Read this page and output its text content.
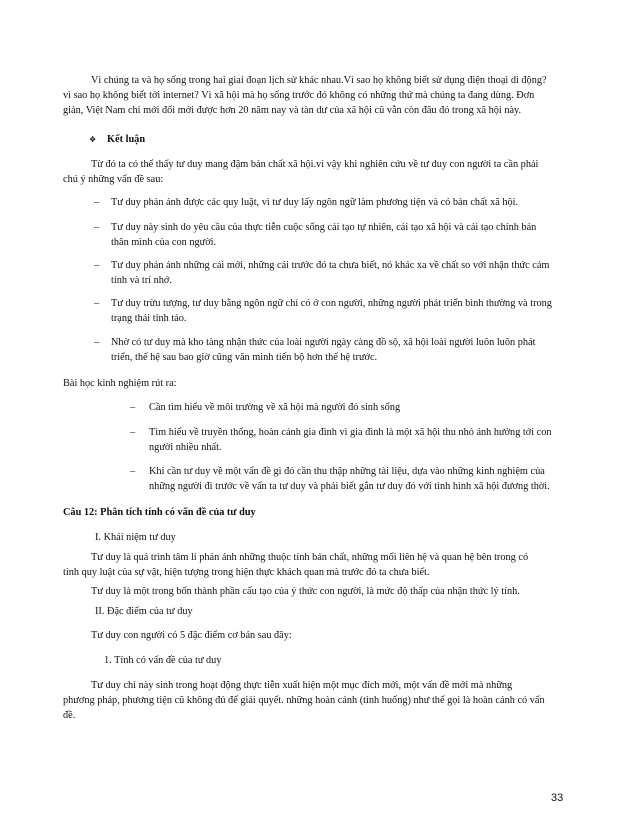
Vì chúng ta và họ sống trong hai giai đoạn lịch sử khác nhau.Vì sao họ không biết sử dụng điện thoại di động?
vì sao họ không biết tới internet? Vì xã hội mà họ sống trước đó không có những thứ mà chúng ta đang dùng. Đơn
giản, Việt Nam chỉ mới đổi mới được hơn 20 năm nay và tàn dư của xã hội cũ vẫn còn đâu đó trong xã hội này.
❖ Kết luận
Từ đó ta có thể thấy tư duy mang đậm bản chất xã hội.vì vậy khi nghiên cứu về tư duy con người ta cần phải
chú ý những vấn đề sau:
– Tư duy phản ánh được các quy luật, vì tư duy lấy ngôn ngữ làm phương tiện và có bản chất xã hội.
– Tư duy này sinh do yêu cầu của thực tiễn cuộc sống cải tạo tự nhiên, cải tạo xã hội và cải tạo chính bản
thân mình của con người.
– Tư duy phản ánh những cái mới, những cái trước đó ta chưa biết, nó khác xa về chất so với nhận thức cảm
tính và trí nhớ.
– Tư duy trừu tượng, tư duy bằng ngôn ngữ chỉ có ở con người, những người phát triển bình thường và trong
trạng thái tỉnh táo.
– Nhờ có tư duy mà kho tàng nhận thức của loài người ngày càng đồ sộ, xã hội loài người luôn luôn phát
triển, thế hệ sau bao giờ cũng văn minh tiến bộ hơn thế hệ trước.
Bài học kinh nghiệm rút ra:
– Cần tìm hiểu về môi trường về xã hội mà người đó sinh sống
– Tìm hiểu về truyền thống, hoàn cảnh gia đình vì gia đình là một xã hội thu nhỏ ảnh hưởng tới con
người nhiều nhất.
– Khi cần tư duy về một vấn đề gì đó cần thu thập những tài liệu, dựa vào những kinh nghiệm của
những người đi trước về vấn ta tư duy và phải biết gắn tư duy đó với tình hình xã hội đương thời.
Câu 12: Phân tích tính có vấn đề của tư duy
I. Khái niệm tư duy
Tư duy là quá trình tâm lí phản ánh những thuộc tính bản chất, những mối liên hệ và quan hệ bên trong có
tính quy luật của sự vật, hiện tượng trong hiện thực khách quan mà trước đó ta chưa biết.
Tư duy là một trong bốn thành phần cấu tạo của ý thức con người, là mức độ thấp của nhận thức lý tính.
II. Đặc điểm của tư duy
Tư duy con người có 5 đặc điểm cơ bản sau đây:
1. Tính có vấn đề của tư duy
Tư duy chỉ này sinh trong hoạt động thực tiễn xuất hiện một mục đích mới, một vấn đề mới mà những
phương pháp, phương tiện cũ không đủ để giải quyết. những hoàn cảnh (tình huống) như thế gọi là hoàn cảnh có vấn
đề.
33
